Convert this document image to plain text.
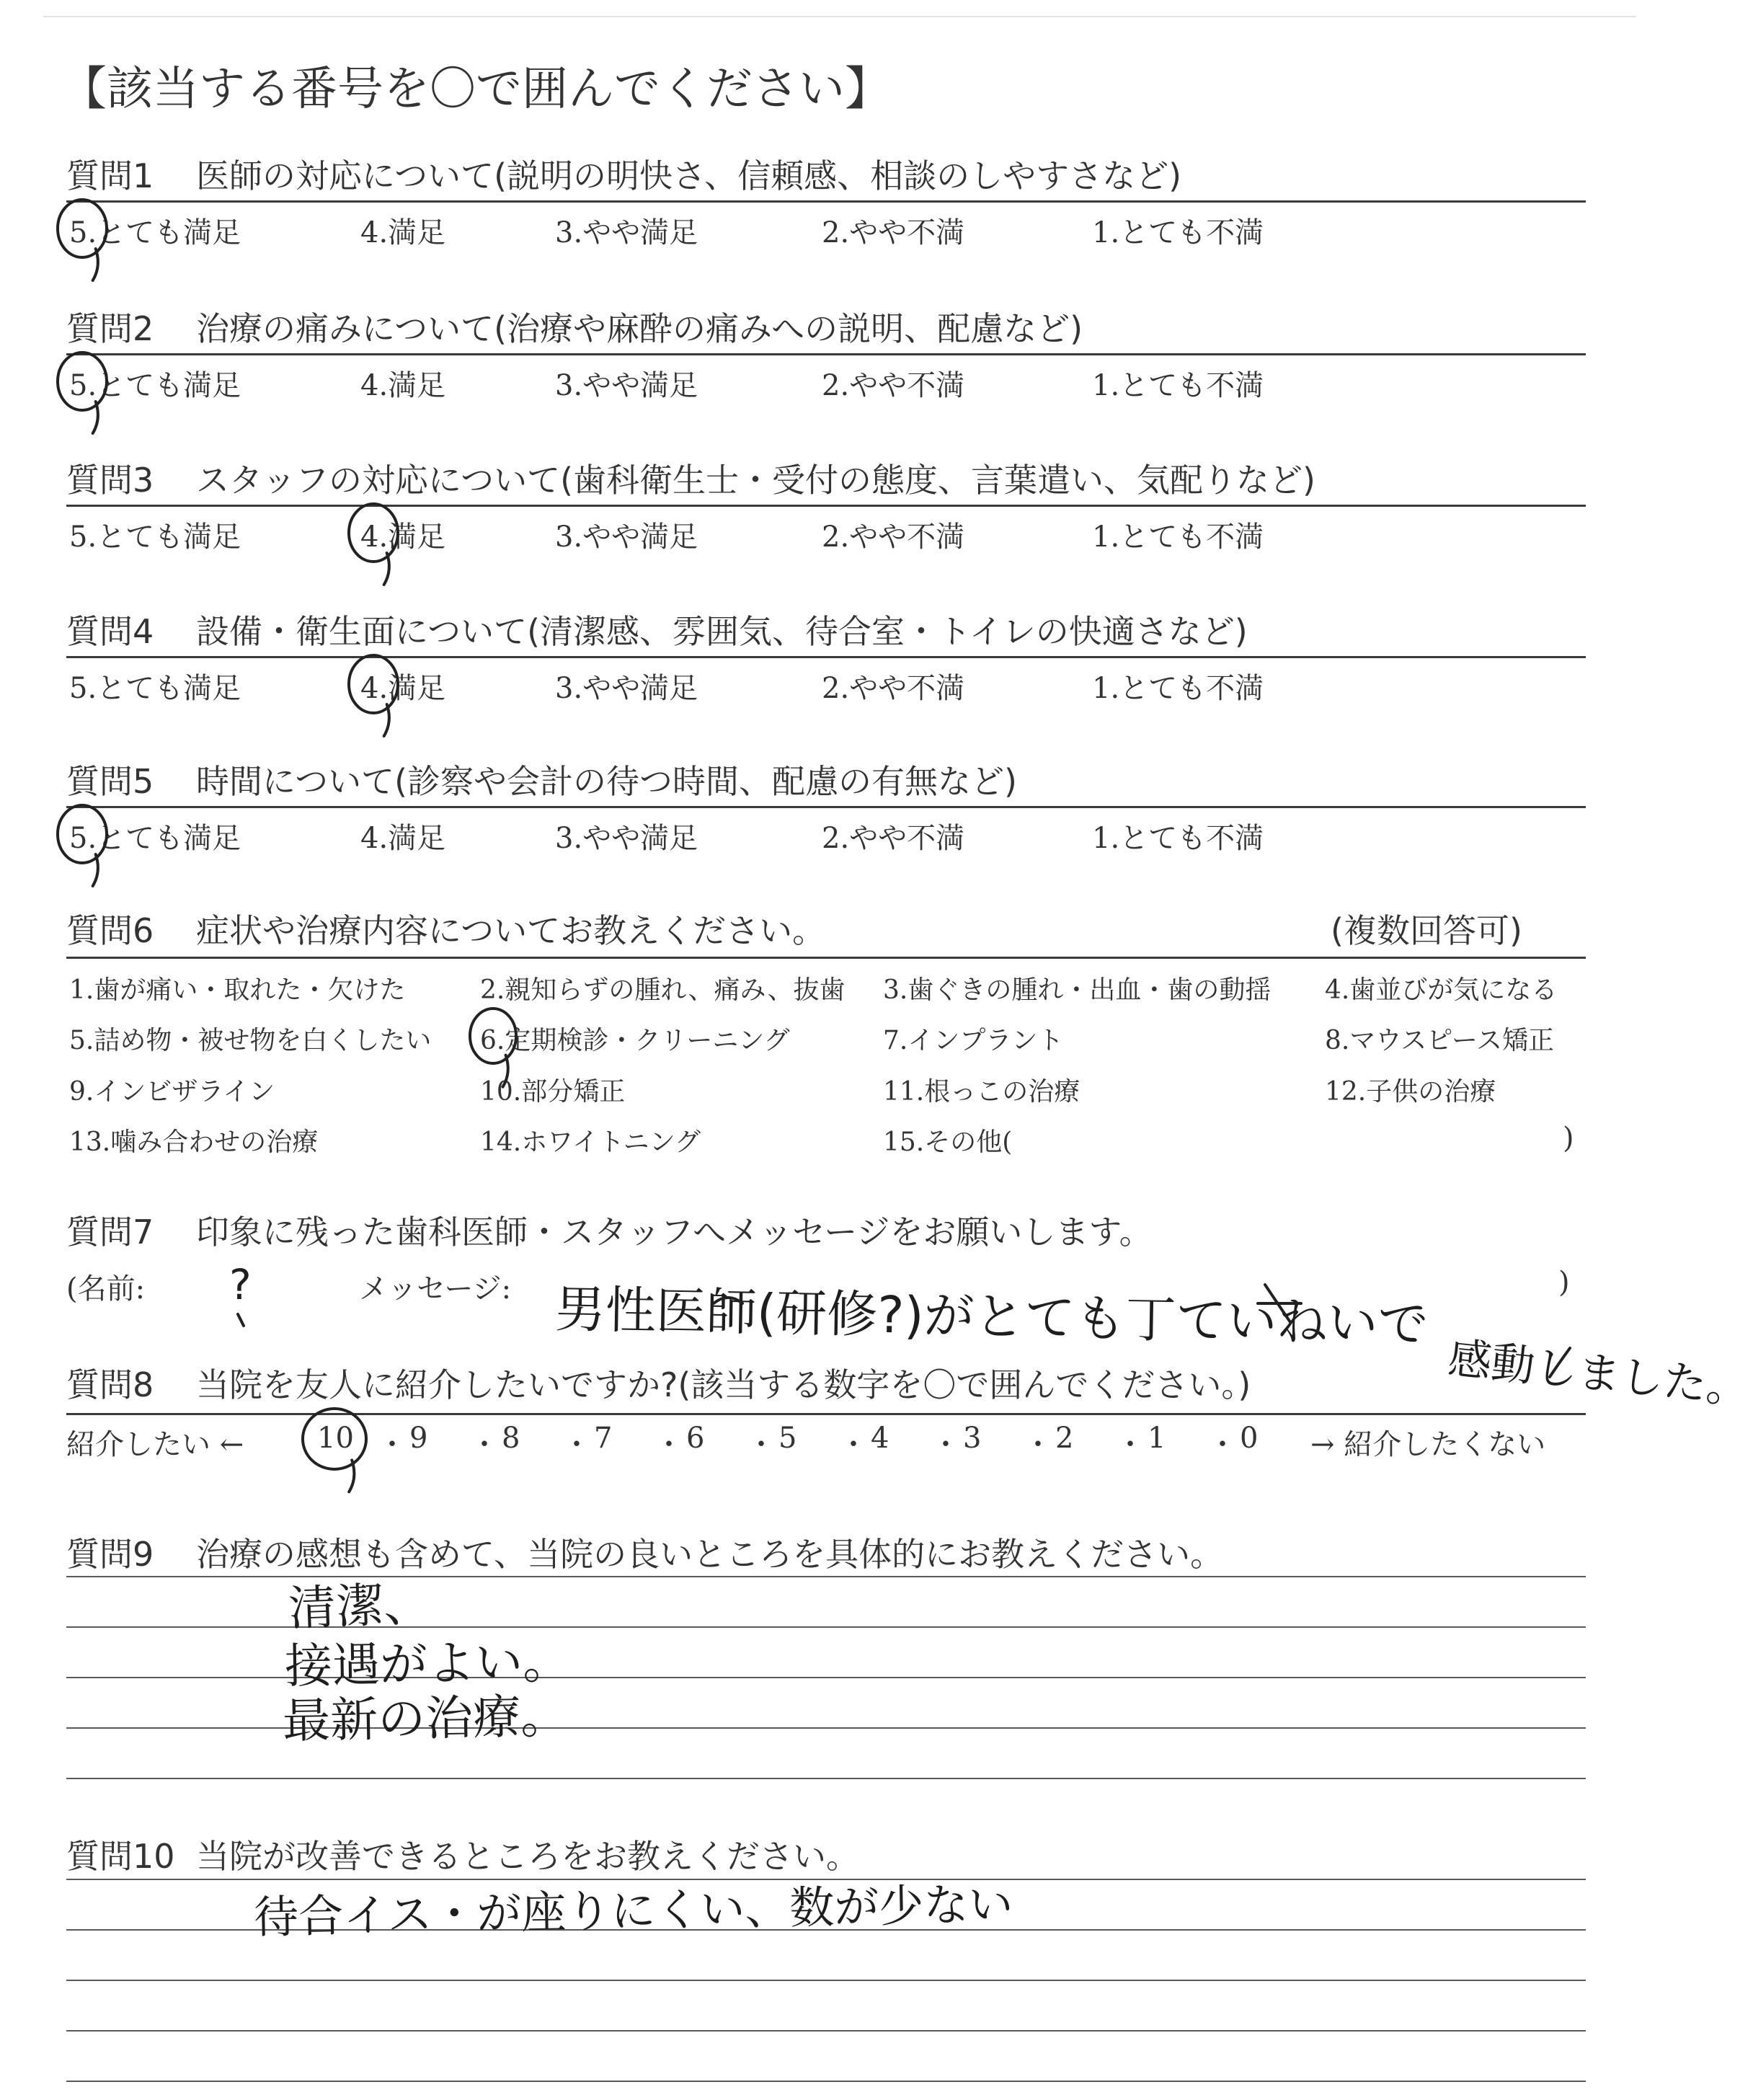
【該当する番号を〇で囲んでください】
質問1 医師の対応について(説明の明快さ、信頼感、相談のしやすさなど)
5.とても満足	4.満足	3.やや満足	2.やや不満	1.とても不満
質問2 治療の痛みについて(治療や麻酔の痛みへの説明、配慮など)
5.とても満足	4.満足	3.やや満足	2.やや不満	1.とても不満
質問3 スタッフの対応について(歯科衛生士・受付の態度、言葉遣い、気配りなど)
5.とても満足	4.満足	3.やや満足	2.やや不満	1.とても不満
質問4 設備・衛生面について(清潔感、雰囲気、待合室・トイレの快適さなど)
5.とても満足	4.満足	3.やや満足	2.やや不満	1.とても不満
質問5 時間について(診察や会計の待つ時間、配慮の有無など)
5.とても満足	4.満足	3.やや満足	2.やや不満	1.とても不満
質問6 症状や治療内容についてお教えください。	(複数回答可)
1.歯が痛い・取れた・欠けた	2.親知らずの腫れ、痛み、抜歯 3.歯ぐきの腫れ・出血・歯の動揺 4.歯並びが気になる
5.詰め物・被せ物を白くしたい 6.定期検診・クリーニング	7.インプラント	8.マウスピース矯正
9.インビザライン	10.部分矯正	11.根っこの治療	12.子供の治療
13.噛み合わせの治療	14.ホワイトニング	15.その他(	)
質問7 印象に残った歯科医師・スタッフへメッセージをお願いします。
(名前: ?	メッセージ:	)
男性医師(研修?)がとても丁ていねいで
感動しました。
質問8 当院を友人に紹介したいですか?(該当する数字を〇で囲んでください。)
紹介したい ←	→ 紹介したくない
10 ・ 9 ・ 8 ・ 7 ・ 6 ・ 5 ・ 4 ・ 3 ・ 2 ・ 1 ・ 0
質問9 治療の感想も含めて、当院の良いところを具体的にお教えください。
清潔、
接遇がよい。
最新の治療。
質問10 当院が改善できるところをお教えください。
待合イス・が座りにくい、数が少ない
